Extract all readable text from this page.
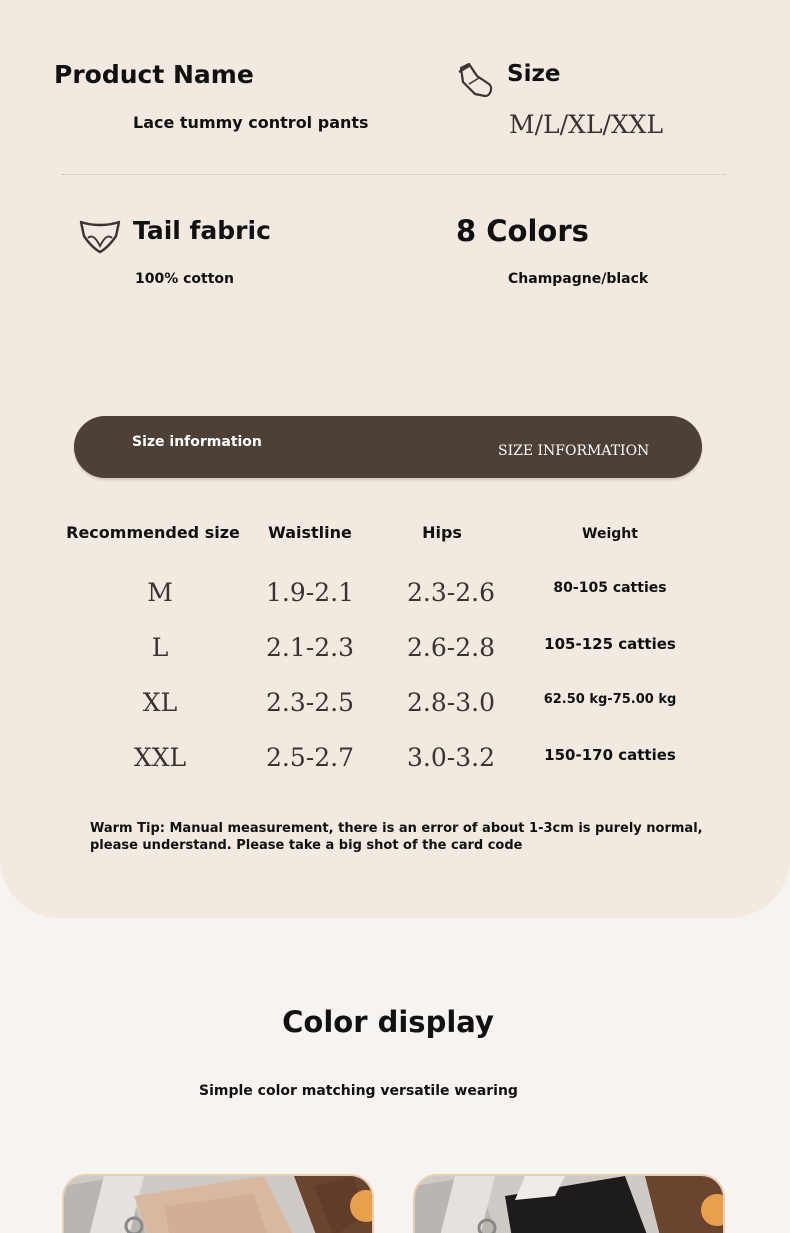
Product Name
Lace tummy control pants
Size
M/L/XL/XXL
Tail fabric
100% cotton
8 Colors
Champagne/black
Size information
SIZE INFORMATION
Recommended size	Waistline	Hips	Weight
M	1.9-2.1	2.3-2.6	80-105 catties
L	2.1-2.3	2.6-2.8	105-125 catties
XL	2.3-2.5	2.8-3.0	62.50 kg-75.00 kg
XXL	2.5-2.7	3.0-3.2	150-170 catties
Warm Tip: Manual measurement, there is an error of about 1-3cm is purely normal, please understand. Please take a big shot of the card code
Color display
Simple color matching versatile wearing
